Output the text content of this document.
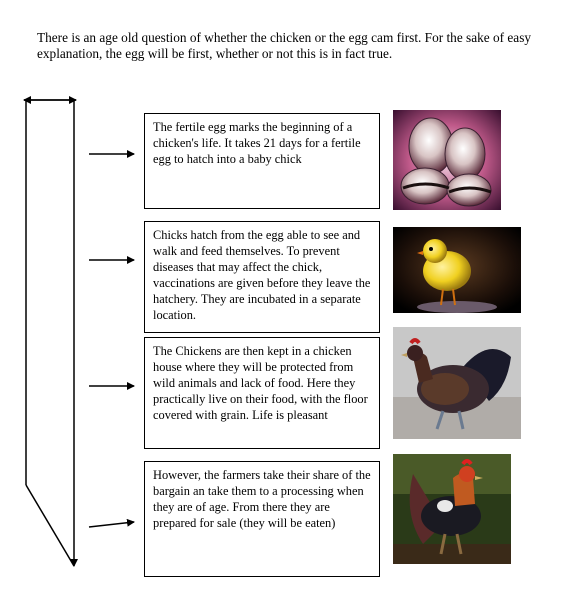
There is an age old question of whether the chicken or the egg cam first. For the sake of easy explanation, the egg will be first, whether or not this is in fact true.
The fertile egg marks the beginning of a chicken's life. It takes 21 days for a fertile egg to hatch into a baby chick
Chicks hatch from the egg able to see and walk and feed themselves. To prevent diseases that may affect the chick, vaccinations are given before they leave the hatchery. They are incubated in a separate location.
The Chickens are then kept in a chicken house where they will be protected from wild animals and lack of food. Here they practically live on their food, with the floor covered with grain. Life is pleasant
However, the farmers take their share of the bargain an take them to a processing when they are of age. From there they are prepared for sale (they will be eaten)
